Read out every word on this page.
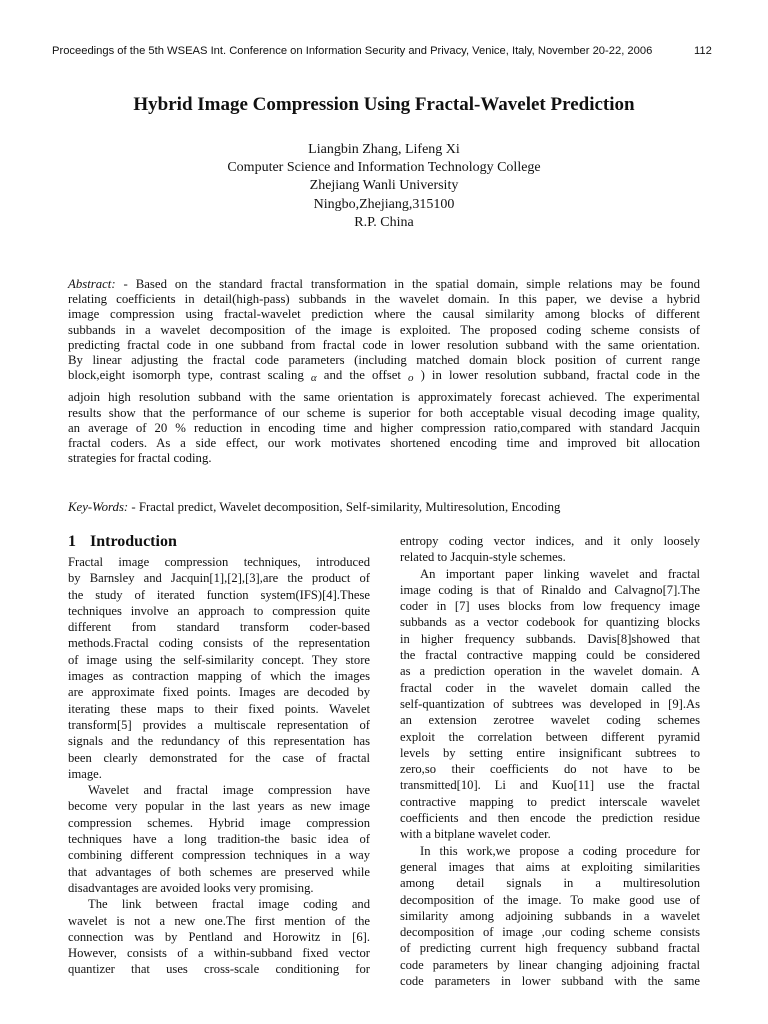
Proceedings of the 5th WSEAS Int. Conference on Information Security and Privacy, Venice, Italy, November 20-22, 2006	112
Hybrid Image Compression Using Fractal-Wavelet Prediction
Liangbin Zhang, Lifeng Xi
Computer Science and Information Technology College
Zhejiang Wanli University
Ningbo,Zhejiang,315100
R.P. China
Abstract: - Based on the standard fractal transformation in the spatial domain, simple relations may be found
relating coefficients in detail(high-pass) subbands in the wavelet domain. In this paper, we devise a hybrid
image compression using fractal-wavelet prediction where the causal similarity among blocks of different
subbands in a wavelet decomposition of the image is exploited. The proposed coding scheme consists of
predicting fractal code in one subband from fractal code in lower resolution subband with the same orientation.
By linear adjusting the fractal code parameters (including matched domain block position of current range
block,eight isomorph type, contrast scaling α and the offset o ) in lower resolution subband, fractal code in the
adjoin high resolution subband with the same orientation is approximately forecast achieved. The experimental
results show that the performance of our scheme is superior for both acceptable visual decoding image quality,
an average of 20 % reduction in encoding time and higher compression ratio,compared with standard Jacquin
fractal coders. As a side effect, our work motivates shortened encoding time and improved bit allocation
strategies for fractal coding.
Key-Words: - Fractal predict, Wavelet decomposition, Self-similarity, Multiresolution, Encoding
1 Introduction
Fractal image compression techniques, introduced
by Barnsley and Jacquin[1],[2],[3],are the product of
the study of iterated function system(IFS)[4].These
techniques involve an approach to compression quite
different from standard transform coder-based
methods.Fractal coding consists of the representation
of image using the self-similarity concept. They store
images as contraction mapping of which the images
are approximate fixed points. Images are decoded by
iterating these maps to their fixed points. Wavelet
transform[5] provides a multiscale representation of
signals and the redundancy of this representation has
been clearly demonstrated for the case of fractal
image.
Wavelet and fractal image compression have
become very popular in the last years as new image
compression schemes. Hybrid image compression
techniques have a long tradition-the basic idea of
combining different compression techniques in a way
that advantages of both schemes are preserved while
disadvantages are avoided looks very promising.
The link between fractal image coding and
wavelet is not a new one.The first mention of the
connection was by Pentland and Horowitz in [6].
However, consists of a within-subband fixed vector
quantizer that uses cross-scale conditioning for
entropy coding vector indices, and it only loosely
related to Jacquin-style schemes.
An important paper linking wavelet and fractal
image coding is that of Rinaldo and Calvagno[7].The
coder in [7] uses blocks from low frequency image
subbands as a vector codebook for quantizing blocks
in higher frequency subbands. Davis[8]showed that
the fractal contractive mapping could be considered
as a prediction operation in the wavelet domain. A
fractal coder in the wavelet domain called the
self-quantization of subtrees was developed in [9].As
an extension zerotree wavelet coding schemes
exploit the correlation between different pyramid
levels by setting entire insignificant subtrees to
zero,so their coefficients do not have to be
transmitted[10]. Li and Kuo[11] use the fractal
contractive mapping to predict interscale wavelet
coefficients and then encode the prediction residue
with a bitplane wavelet coder.
In this work,we propose a coding procedure for
general images that aims at exploiting similarities
among detail signals in a multiresolution
decomposition of the image. To make good use of
similarity among adjoining subbands in a wavelet
decomposition of image ,our coding scheme consists
of predicting current high frequency subband fractal
code parameters by linear changing adjoining fractal
code parameters in lower subband with the same
